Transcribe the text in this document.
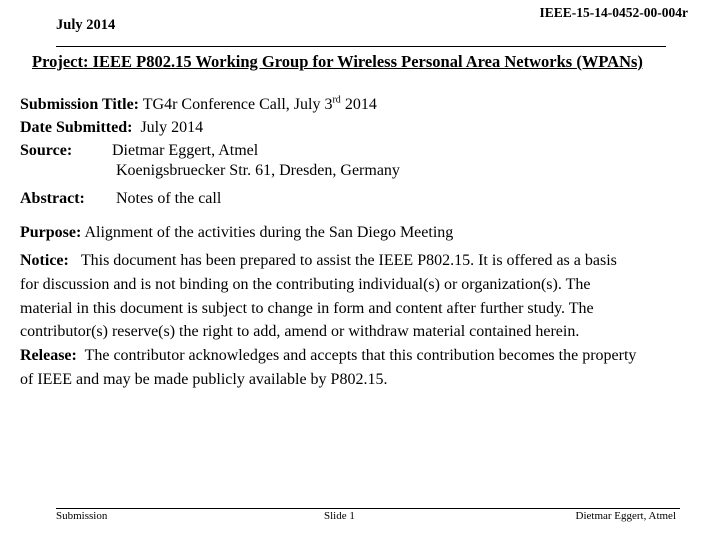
IEEE-15-14-0452-00-004r
July 2014
Project: IEEE P802.15 Working Group for Wireless Personal Area Networks (WPANs)
Submission Title: TG4r Conference Call, July 3rd 2014
Date Submitted: July 2014
Source: Dietmar Eggert, Atmel
Koenigsbruecker Str. 61, Dresden, Germany
Abstract: Notes of the call
Purpose: Alignment of the activities during the San Diego Meeting
Notice: This document has been prepared to assist the IEEE P802.15. It is offered as a basis
for discussion and is not binding on the contributing individual(s) or organization(s). The
material in this document is subject to change in form and content after further study. The
contributor(s) reserve(s) the right to add, amend or withdraw material contained herein.
Release: The contributor acknowledges and accepts that this contribution becomes the property
of IEEE and may be made publicly available by P802.15.
Submission	Slide 1	Dietmar Eggert, Atmel
